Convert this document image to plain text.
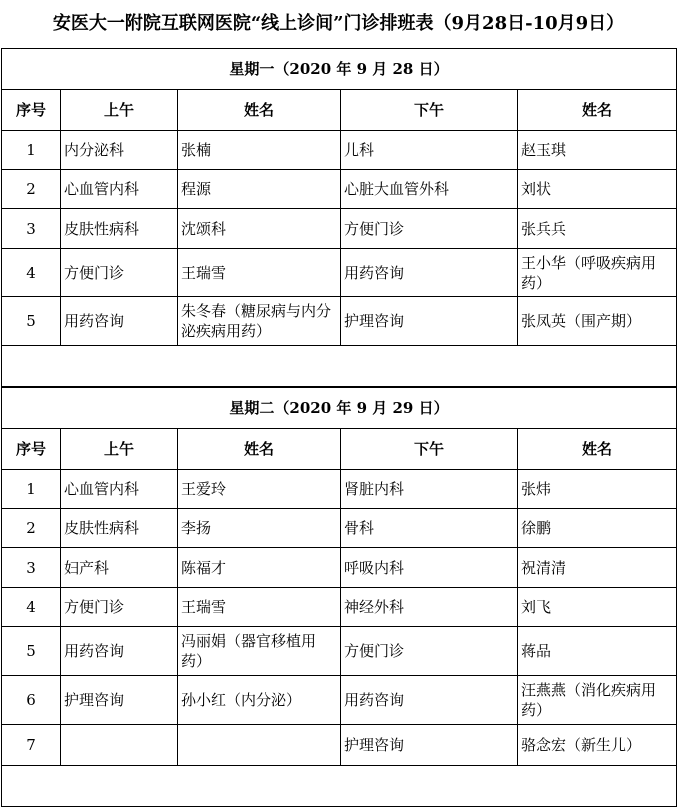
安医大一附院互联网医院“线上诊间”门诊排班表（9月28日-10月9日）
星期一（2020 年 9 月 28 日）				
序号	上午	姓名	下午	姓名
1	内分泌科	张楠	儿科	赵玉琪
2	心血管内科	程源	心脏大血管外科	刘状
3	皮肤性病科	沈颂科	方便门诊	张兵兵
4	方便门诊	王瑞雪	用药咨询	王小华（呼吸疾病用药）
5	用药咨询	朱冬春（糖尿病与内分泌疾病用药）	护理咨询	张凤英（围产期）

星期二（2020 年 9 月 29 日）				
序号	上午	姓名	下午	姓名
1	心血管内科	王爱玲	肾脏内科	张炜
2	皮肤性病科	李扬	骨科	徐鹏
3	妇产科	陈福才	呼吸内科	祝清清
4	方便门诊	王瑞雪	神经外科	刘飞
5	用药咨询	冯丽娟（器官移植用药）	方便门诊	蒋品
6	护理咨询	孙小红（内分泌）	用药咨询	汪燕燕（消化疾病用药）
7			护理咨询	骆念宏（新生儿）
